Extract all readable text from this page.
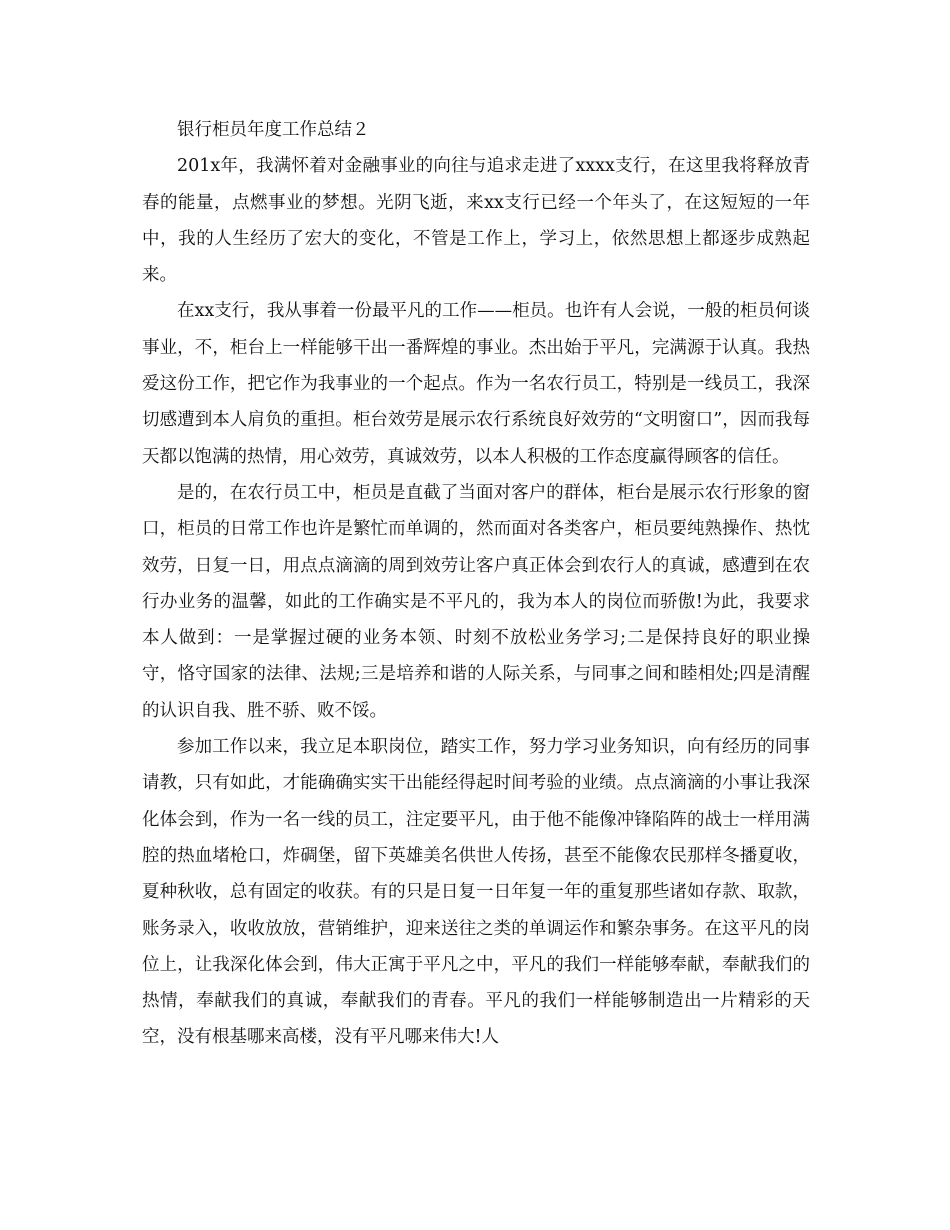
银行柜员年度工作总结２

201x年，我满怀着对金融事业的向往与追求走进了xxxx支行，在这里我将释放青春的能量，点燃事业的梦想。光阴飞逝，来xx支行已经一个年头了，在这短短的一年中，我的人生经历了宏大的变化，不管是工作上，学习上，依然思想上都逐步成熟起来。

在xx支行，我从事着一份最平凡的工作——柜员。也许有人会说，一般的柜员何谈事业，不，柜台上一样能够干出一番辉煌的事业。杰出始于平凡，完满源于认真。我热爱这份工作，把它作为我事业的一个起点。作为一名农行员工，特别是一线员工，我深切感遭到本人肩负的重担。柜台效劳是展示农行系统良好效劳的“文明窗口”，因而我每天都以饱满的热情，用心效劳，真诚效劳，以本人积极的工作态度赢得顾客的信任。

是的，在农行员工中，柜员是直截了当面对客户的群体，柜台是展示农行形象的窗口，柜员的日常工作也许是繁忙而单调的，然而面对各类客户，柜员要纯熟操作、热忱效劳，日复一日，用点点滴滴的周到效劳让客户真正体会到农行人的真诚，感遭到在农行办业务的温馨，如此的工作确实是不平凡的，我为本人的岗位而骄傲!为此，我要求本人做到：一是掌握过硬的业务本领、时刻不放松业务学习;二是保持良好的职业操守，恪守国家的法律、法规;三是培养和谐的人际关系，与同事之间和睦相处;四是清醒的认识自我、胜不骄、败不馁。

参加工作以来，我立足本职岗位，踏实工作，努力学习业务知识，向有经历的同事请教，只有如此，才能确确实实干出能经得起时间考验的业绩。点点滴滴的小事让我深化体会到，作为一名一线的员工，注定要平凡，由于他不能像冲锋陷阵的战士一样用满腔的热血堵枪口，炸碉堡，留下英雄美名供世人传扬，甚至不能像农民那样冬播夏收，夏种秋收，总有固定的收获。有的只是日复一日年复一年的重复那些诸如存款、取款，账务录入，收收放放，营销维护，迎来送往之类的单调运作和繁杂事务。在这平凡的岗位上，让我深化体会到，伟大正寓于平凡之中，平凡的我们一样能够奉献，奉献我们的热情，奉献我们的真诚，奉献我们的青春。平凡的我们一样能够制造出一片精彩的天空，没有根基哪来高楼，没有平凡哪来伟大!人
